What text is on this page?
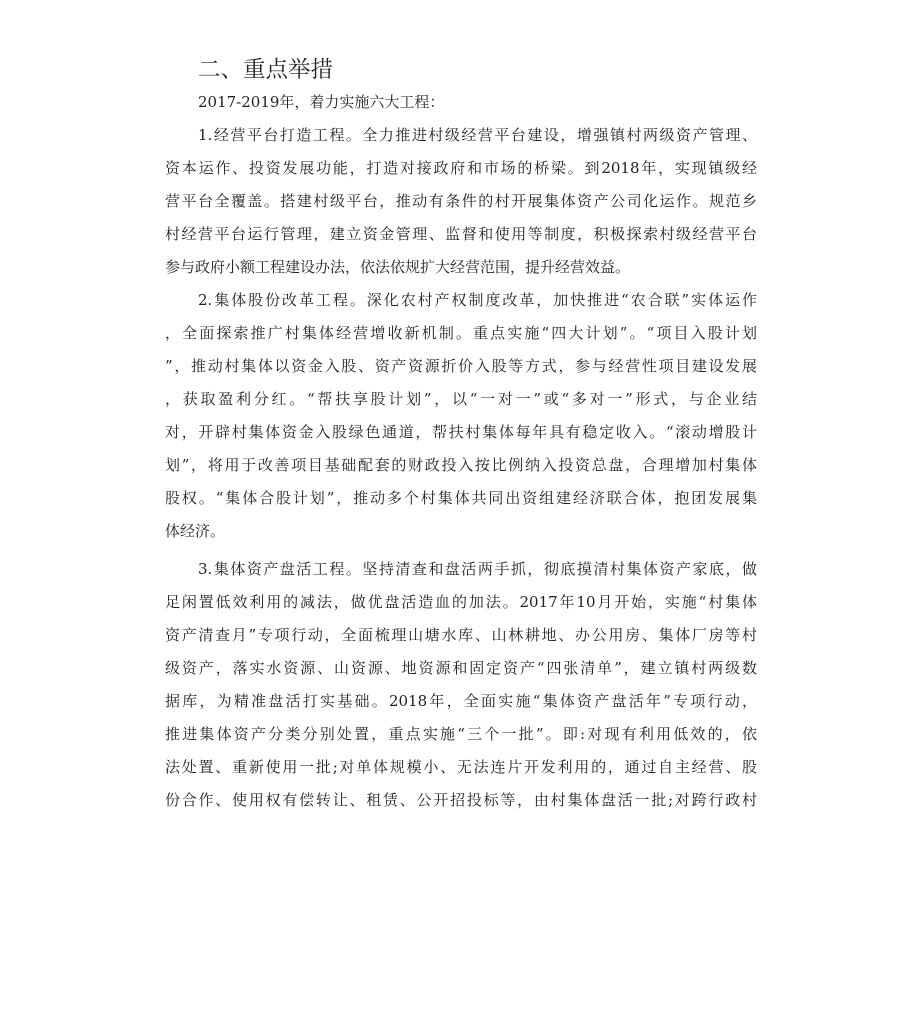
二、重点举措

2017-2019年，着力实施六大工程：

1.经营平台打造工程。全力推进村级经营平台建设，增强镇村两级资产管理、
资本运作、投资发展功能，打造对接政府和市场的桥梁。到2018年，实现镇级经
营平台全覆盖。搭建村级平台，推动有条件的村开展集体资产公司化运作。规范乡
村经营平台运行管理，建立资金管理、监督和使用等制度，积极探索村级经营平台
参与政府小额工程建设办法，依法依规扩大经营范围，提升经营效益。

2.集体股份改革工程。深化农村产权制度改革，加快推进“农合联”实体运作
，全面探索推广村集体经营增收新机制。重点实施“四大计划”。“项目入股计划
”，推动村集体以资金入股、资产资源折价入股等方式，参与经营性项目建设发展
，获取盈利分红。“帮扶享股计划”，以“一对一”或“多对一”形式，与企业结
对，开辟村集体资金入股绿色通道，帮扶村集体每年具有稳定收入。“滚动增股计
划”，将用于改善项目基础配套的财政投入按比例纳入投资总盘，合理增加村集体
股权。“集体合股计划”，推动多个村集体共同出资组建经济联合体，抱团发展集
体经济。

3.集体资产盘活工程。坚持清查和盘活两手抓，彻底摸清村集体资产家底，做
足闲置低效利用的减法，做优盘活造血的加法。2017年10月开始，实施“村集体
资产清查月”专项行动，全面梳理山塘水库、山林耕地、办公用房、集体厂房等村
级资产，落实水资源、山资源、地资源和固定资产“四张清单”，建立镇村两级数
据库，为精准盘活打实基础。2018年，全面实施“集体资产盘活年”专项行动，
推进集体资产分类分别处置，重点实施“三个一批”。即:对现有利用低效的，依
法处置、重新使用一批;对单体规模小、无法连片开发利用的，通过自主经营、股
份合作、使用权有偿转让、租赁、公开招投标等，由村集体盘活一批;对跨行政村
